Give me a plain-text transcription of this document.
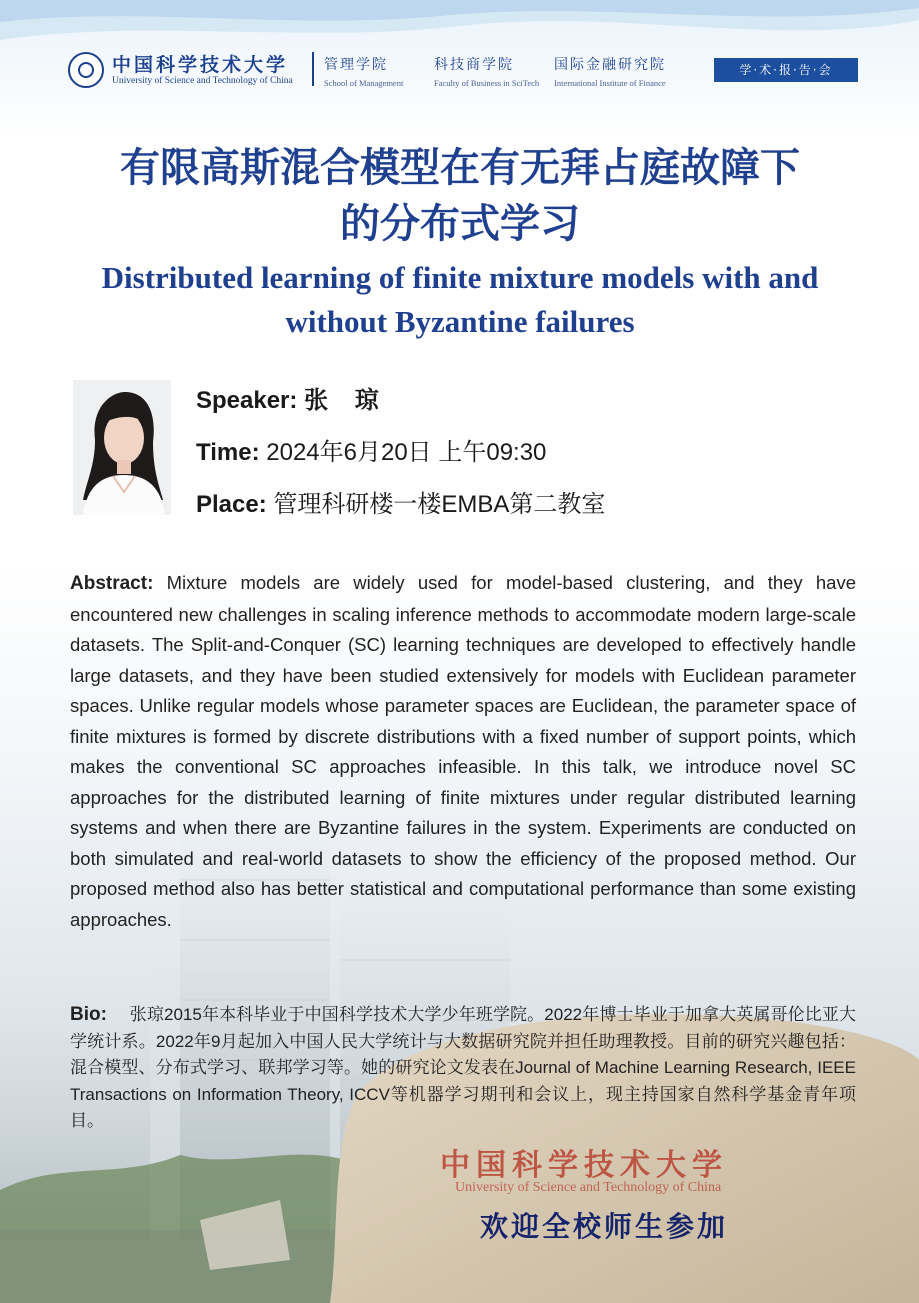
中国科学技术大学
University of Science and Technology of China
管理学院
School of Management
科技商学院
Faculty of Business in SciTech
国际金融研究院
International Institute of Finance
学·术·报·告·会
有限高斯混合模型在有无拜占庭故障下
的分布式学习
Distributed learning of finite mixture models with and
without Byzantine failures
Speaker: 张 琼
Time: 2024年6月20日 上午09:30
Place: 管理科研楼一楼EMBA第二教室
Abstract: Mixture models are widely used for model-based clustering, and they have encountered new challenges in scaling inference methods to accommodate modern large-scale datasets. The Split-and-Conquer (SC) learning techniques are developed to effectively handle large datasets, and they have been studied extensively for models with Euclidean parameter spaces. Unlike regular models whose parameter spaces are Euclidean, the parameter space of finite mixtures is formed by discrete distributions with a fixed number of support points, which makes the conventional SC approaches infeasible. In this talk, we introduce novel SC approaches for the distributed learning of finite mixtures under regular distributed learning systems and when there are Byzantine failures in the system. Experiments are conducted on both simulated and real-world datasets to show the efficiency of the proposed method. Our proposed method also has better statistical and computational performance than some existing approaches.
Bio: 张琼2015年本科毕业于中国科学技术大学少年班学院。2022年博士毕业于加拿大英属哥伦比亚大学统计系。2022年9月起加入中国人民大学统计与大数据研究院并担任助理教授。目前的研究兴趣包括：混合模型、分布式学习、联邦学习等。她的研究论文发表在Journal of Machine Learning Research, IEEE Transactions on Information Theory, ICCV等机器学习期刊和会议上，现主持国家自然科学基金青年项目。
中国科学技术大学
University of Science and Technology of China
欢迎全校师生参加
